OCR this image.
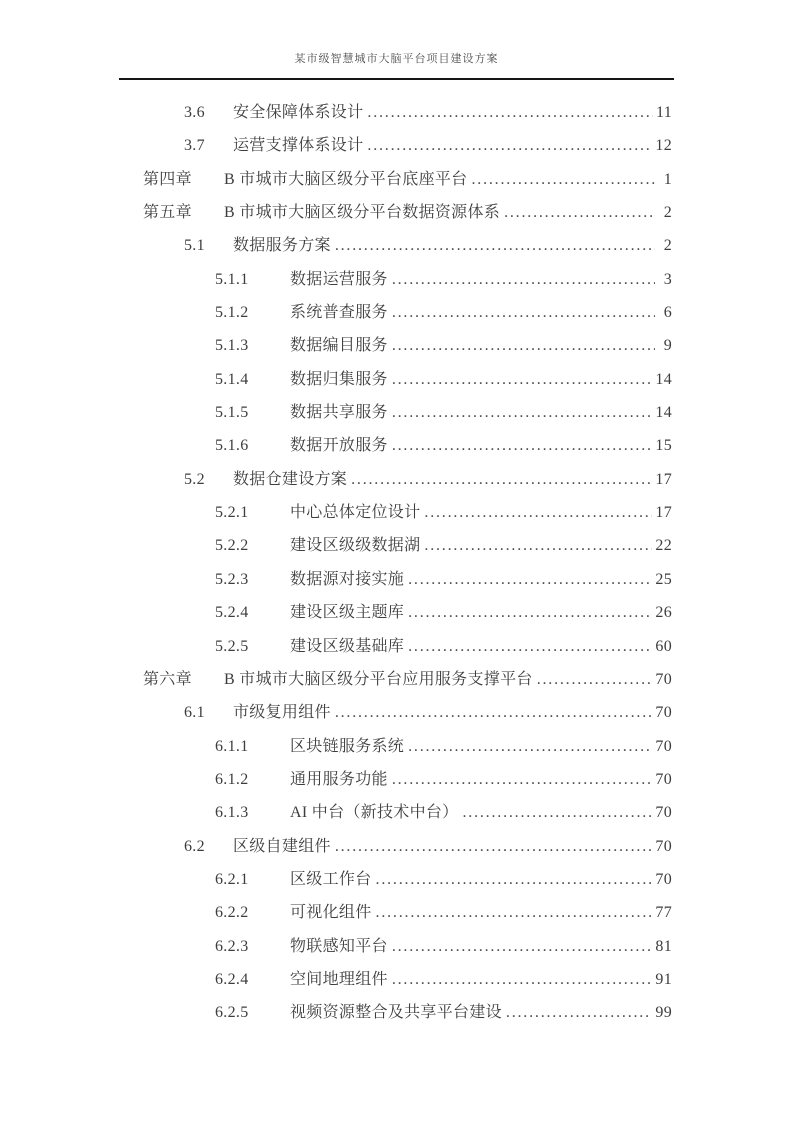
某市级智慧城市大脑平台项目建设方案
3.6	安全保障体系设计 .....	11
3.7	运营支撑体系设计 .....	12
第四章	B 市城市大脑区级分平台底座平台 .....	1
第五章	B 市城市大脑区级分平台数据资源体系 .....	2
5.1	数据服务方案 .....	2
5.1.1	数据运营服务 .....	3
5.1.2	系统普查服务 .....	6
5.1.3	数据编目服务 .....	9
5.1.4	数据归集服务 .....	14
5.1.5	数据共享服务 .....	14
5.1.6	数据开放服务 .....	15
5.2	数据仓建设方案 .....	17
5.2.1	中心总体定位设计 .....	17
5.2.2	建设区级级数据湖 .....	22
5.2.3	数据源对接实施 .....	25
5.2.4	建设区级主题库 .....	26
5.2.5	建设区级基础库 .....	60
第六章	B 市城市大脑区级分平台应用服务支撑平台 .....	70
6.1	市级复用组件 .....	70
6.1.1	区块链服务系统 .....	70
6.1.2	通用服务功能 .....	70
6.1.3	AI 中台（新技术中台） .....	70
6.2	区级自建组件 .....	70
6.2.1	区级工作台 .....	70
6.2.2	可视化组件 .....	77
6.2.3	物联感知平台 .....	81
6.2.4	空间地理组件 .....	91
6.2.5	视频资源整合及共享平台建设 .....	99
